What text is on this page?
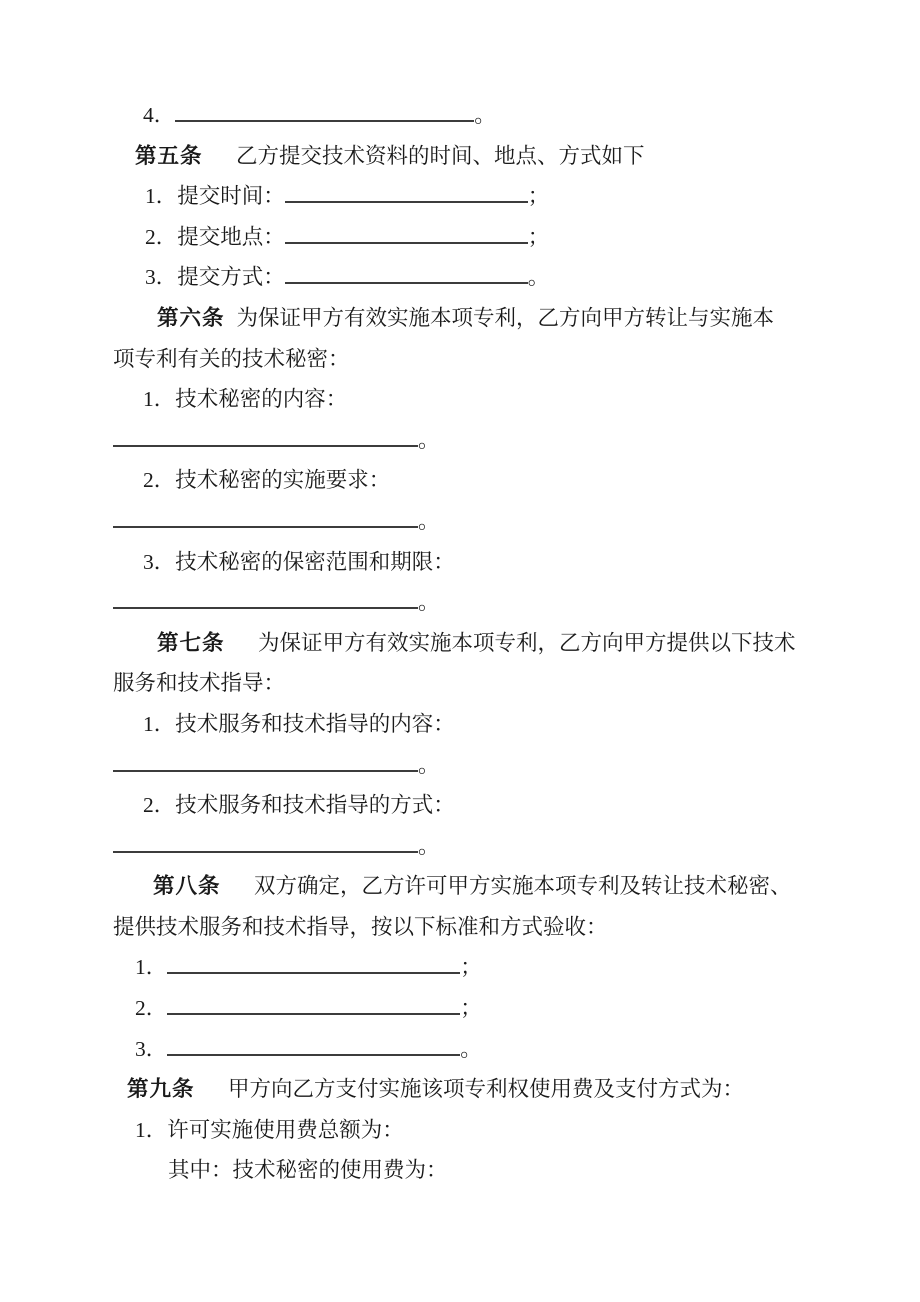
4．	。
第五条　乙方提交技术资料的时间、地点、方式如下
1．提交时间：	；
2．提交地点：	；
3．提交方式：	。
第六条 为保证甲方有效实施本项专利，乙方向甲方转让与实施本
项专利有关的技术秘密：
1．技术秘密的内容：
。
2．技术秘密的实施要求：
。
3．技术秘密的保密范围和期限：
。
第七条　为保证甲方有效实施本项专利，乙方向甲方提供以下技术
服务和技术指导：
1．技术服务和技术指导的内容：
。
2．技术服务和技术指导的方式：
。
第八条　双方确定，乙方许可甲方实施本项专利及转让技术秘密、
提供技术服务和技术指导，按以下标准和方式验收：
1．	；
2．	；
3．	。
第九条　甲方向乙方支付实施该项专利权使用费及支付方式为：
1．许可实施使用费总额为：
其中：技术秘密的使用费为：
